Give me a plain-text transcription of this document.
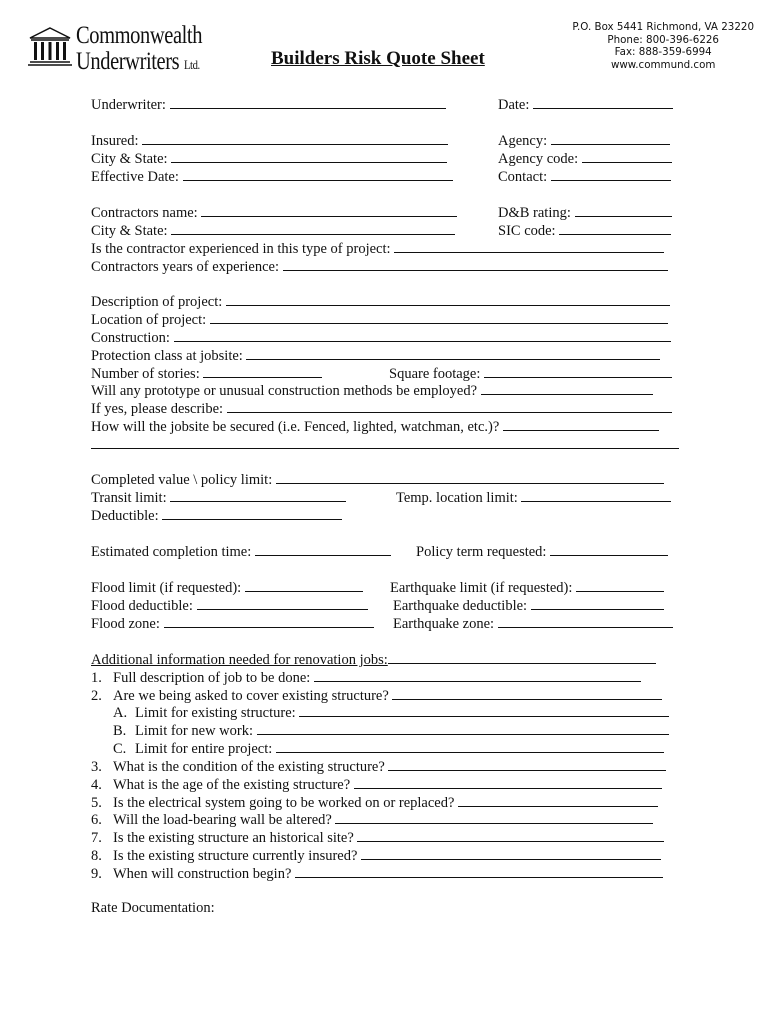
Commonwealth
Underwriters Ltd.	Builders Risk Quote Sheet
P.O. Box 5441 Richmond, VA 23220
Phone: 800-396-6226
Fax: 888-359-6994
www.commund.com
Underwriter:	Date:
Insured:	Agency:
City & State:	Agency code:
Effective Date:	Contact:
Contractors name:	D&B rating:
City & State:	SIC code:
Is the contractor experienced in this type of project:
Contractors years of experience:
Description of project:
Location of project:
Construction:
Protection class at jobsite:
Number of stories:	Square footage:
Will any prototype or unusual construction methods be employed?
If yes, please describe:
How will the jobsite be secured (i.e. Fenced, lighted, watchman, etc.)?
Completed value \ policy limit:
Transit limit:	Temp. location limit:
Deductible:
Estimated completion time:	Policy term requested:
Flood limit (if requested):	Earthquake limit (if requested):
Flood deductible:	Earthquake deductible:
Flood zone:	Earthquake zone:
Additional information needed for renovation jobs:
1. Full description of job to be done:
2. Are we being asked to cover existing structure?
A. Limit for existing structure:
B. Limit for new work:
C. Limit for entire project:
3. What is the condition of the existing structure?
4. What is the age of the existing structure?
5. Is the electrical system going to be worked on or replaced?
6. Will the load-bearing wall be altered?
7. Is the existing structure an historical site?
8. Is the existing structure currently insured?
9. When will construction begin?
Rate Documentation:
